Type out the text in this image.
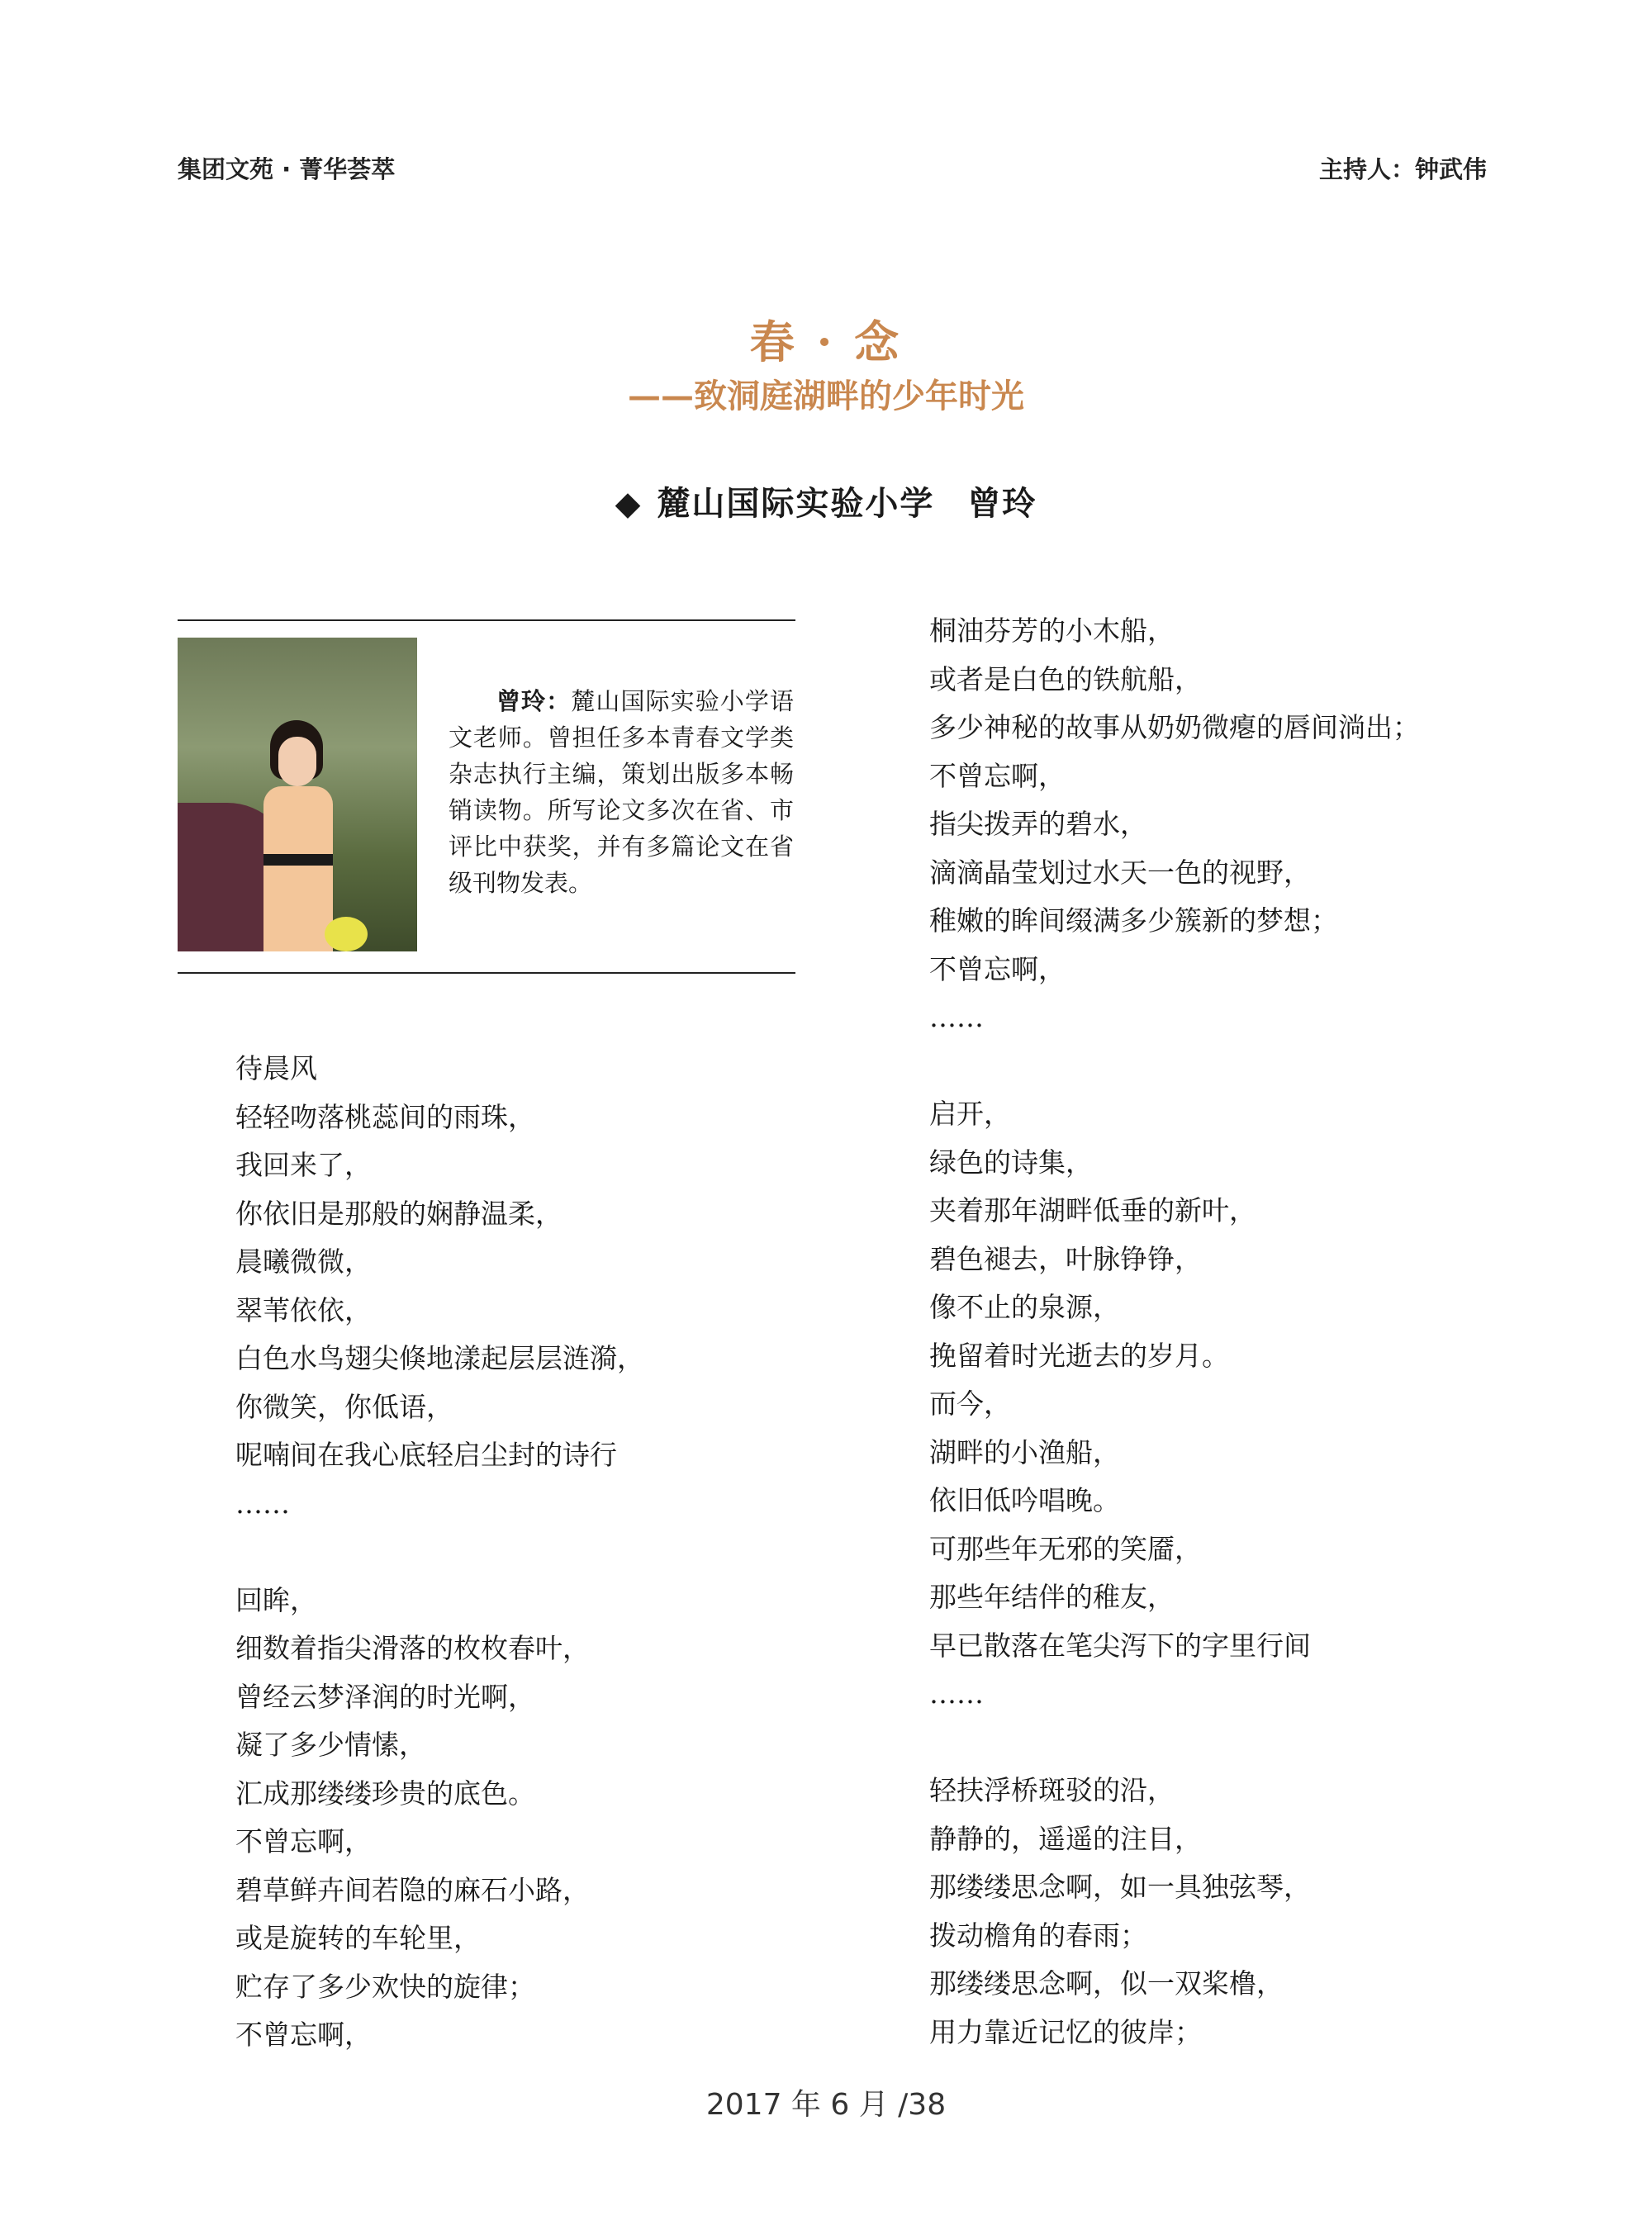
集团文苑 · 菁华荟萃	主持人：钟武伟
春 · 念
——致洞庭湖畔的少年时光
◆ 麓山国际实验小学 曾玲
曾玲：麓山国际实验小学语文老师。曾担任多本青春文学类杂志执行主编，策划出版多本畅销读物。所写论文多次在省、市评比中获奖，并有多篇论文在省级刊物发表。
待晨风
轻轻吻落桃蕊间的雨珠，
我回来了，
你依旧是那般的娴静温柔，
晨曦微微，
翠苇依依，
白色水鸟翅尖倏地漾起层层涟漪，
你微笑，你低语，
呢喃间在我心底轻启尘封的诗行
……
回眸，
细数着指尖滑落的枚枚春叶，
曾经云梦泽润的时光啊，
凝了多少情愫，
汇成那缕缕珍贵的底色。
不曾忘啊，
碧草鲜卉间若隐的麻石小路，
或是旋转的车轮里，
贮存了多少欢快的旋律；
不曾忘啊，
桐油芬芳的小木船，
或者是白色的铁航船，
多少神秘的故事从奶奶微瘪的唇间淌出；
不曾忘啊，
指尖拨弄的碧水，
滴滴晶莹划过水天一色的视野，
稚嫩的眸间缀满多少簇新的梦想；
不曾忘啊，
……
启开，
绿色的诗集，
夹着那年湖畔低垂的新叶，
碧色褪去，叶脉铮铮，
像不止的泉源，
挽留着时光逝去的岁月。
而今，
湖畔的小渔船，
依旧低吟唱晚。
可那些年无邪的笑靥，
那些年结伴的稚友，
早已散落在笔尖泻下的字里行间
……
轻扶浮桥斑驳的沿，
静静的，遥遥的注目，
那缕缕思念啊，如一具独弦琴，
拨动檐角的春雨；
那缕缕思念啊，似一双桨橹，
用力靠近记忆的彼岸；
2017 年 6 月 /38
